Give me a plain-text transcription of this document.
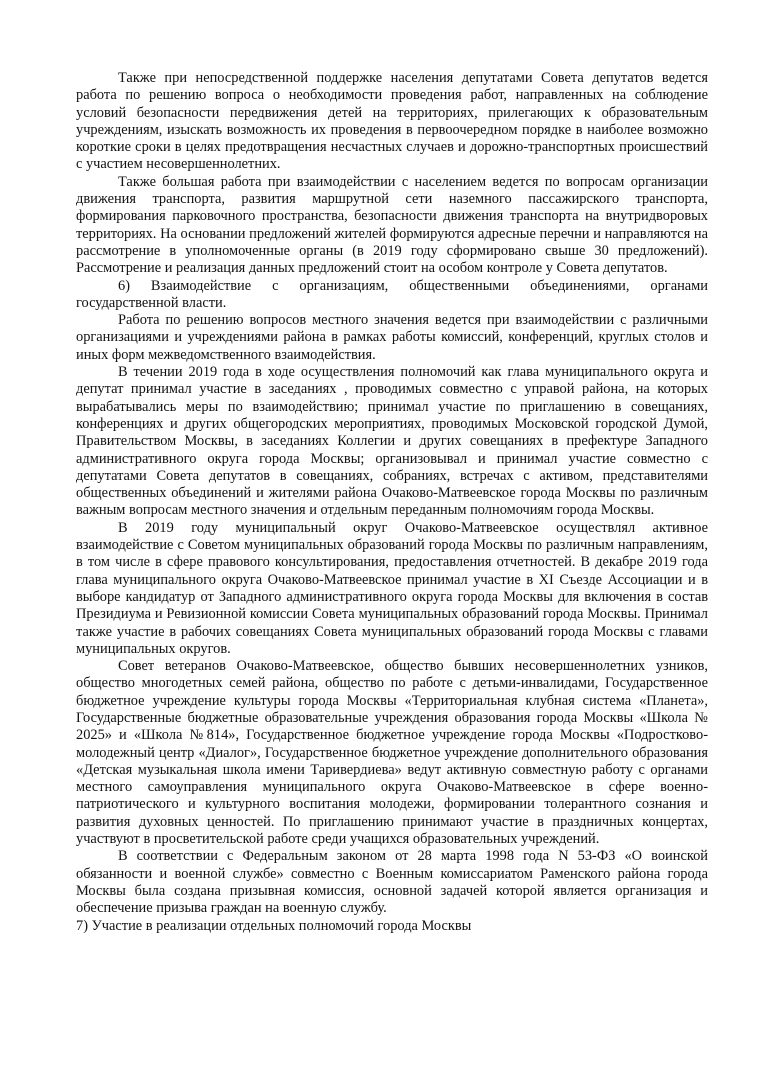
Также при непосредственной поддержке населения депутатами Совета депутатов ведется работа по решению вопроса о необходимости проведения работ, направленных на соблюдение условий безопасности передвижения детей на территориях, прилегающих к образовательным учреждениям, изыскать возможность их проведения в первоочередном порядке в наиболее возможно короткие сроки в целях предотвращения несчастных случаев и дорожно-транспортных происшествий с участием несовершеннолетних.

Также большая работа при взаимодействии с населением ведется по вопросам организации движения транспорта, развития маршрутной сети наземного пассажирского транспорта, формирования парковочного пространства, безопасности движения транспорта на внутридворовых территориях. На основании предложений жителей формируются адресные перечни и направляются на рассмотрение в уполномоченные органы (в 2019 году сформировано свыше 30 предложений). Рассмотрение и реализация данных предложений стоит на особом контроле у Совета депутатов.

6) Взаимодействие с организациям, общественными объединениями, органами государственной власти.

Работа по решению вопросов местного значения ведется при взаимодействии с различными организациями и учреждениями района в рамках работы комиссий, конференций, круглых столов и иных форм межведомственного взаимодействия.

В течении 2019 года в ходе осуществления полномочий как глава муниципального округа и депутат принимал участие в заседаниях , проводимых совместно с управой района, на которых вырабатывались меры по взаимодействию; принимал участие по приглашению в совещаниях, конференциях и других общегородских мероприятиях, проводимых Московской городской Думой, Правительством Москвы, в заседаниях Коллегии и других совещаниях в префектуре Западного административного округа города Москвы; организовывал и принимал участие совместно с депутатами Совета депутатов в совещаниях, собраниях, встречах с активом, представителями общественных объединений и жителями района Очаково-Матвеевское города Москвы по различным важным вопросам местного значения и отдельным переданным полномочиям города Москвы.

В 2019 году муниципальный округ Очаково-Матвеевское осуществлял активное взаимодействие с Советом муниципальных образований города Москвы по различным направлениям, в том числе в сфере правового консультирования, предоставления отчетностей. В декабре 2019 года глава муниципального округа Очаково-Матвеевское принимал участие в XI Съезде Ассоциации и в выборе кандидатур от Западного административного округа города Москвы для включения в состав Президиума и Ревизионной комиссии Совета муниципальных образований города Москвы. Принимал также участие в рабочих совещаниях Совета муниципальных образований города Москвы с главами муниципальных округов.

Совет ветеранов Очаково-Матвеевское, общество бывших несовершеннолетних узников, общество многодетных семей района, общество по работе с детьми-инвалидами, Государственное бюджетное учреждение культуры города Москвы «Территориальная клубная система «Планета», Государственные бюджетные образовательные учреждения образования города Москвы «Школа № 2025» и «Школа №814», Государственное бюджетное учреждение города Москвы «Подростково-молодежный центр «Диалог», Государственное бюджетное учреждение дополнительного образования «Детская музыкальная школа имени Таривердиева» ведут активную совместную работу с органами местного самоуправления муниципального округа Очаково-Матвеевское в сфере военно-патриотического и культурного воспитания молодежи, формировании толерантного сознания и развития духовных ценностей. По приглашению принимают участие в праздничных концертах, участвуют в просветительской работе среди учащихся образовательных учреждений.

В соответствии с Федеральным законом от 28 марта 1998 года N 53-ФЗ «О воинской обязанности и военной службе» совместно с Военным комиссариатом Раменского района города Москвы была создана призывная комиссия, основной задачей которой является организация и обеспечение призыва граждан на военную службу.

7) Участие в реализации отдельных полномочий города Москвы
